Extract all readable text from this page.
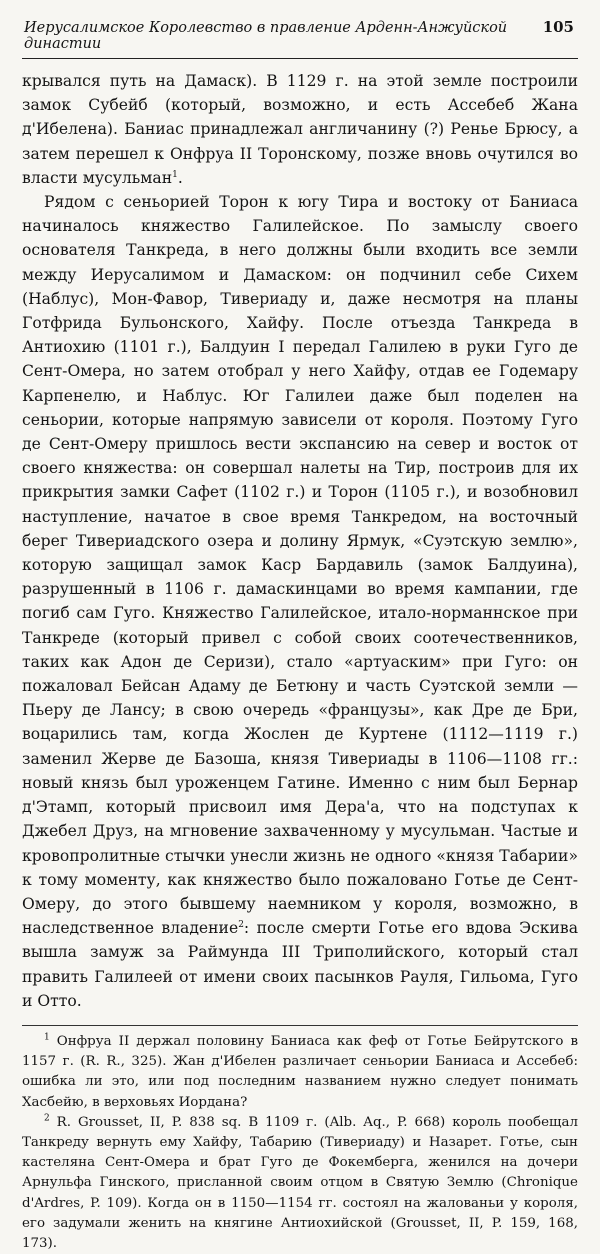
Иерусалимское Королевство в правление Арденн-Анжуйской династии
105

крывался путь на Дамаск). В 1129 г. на этой земле построили замок Субейб (который, возможно, и есть Ассебеб Жана д'Ибелена). Баниас принадлежал англичанину (?) Ренье Брюсу, а затем перешел к Онфруа II Торонскому, позже вновь очутился во власти мусульман$^1$.

Рядом с сеньорией Торон к югу Тира и востоку от Баниаса начиналось княжество Галилейское. По замыслу своего основателя Танкреда, в него должны были входить все земли между Иерусалимом и Дамаском: он подчинил себе Сихем (Наблус), Мон-Фавор, Тивериаду и, даже несмотря на планы Готфрида Бульонского, Хайфу. После отъезда Танкреда в Антиохию (1101 г.), Балдуин I передал Галилею в руки Гуго де Сент-Омера, но затем отобрал у него Хайфу, отдав ее Годемару Карпенелю, и Наблус. Юг Галилеи даже был поделен на сеньории, которые напрямую зависели от короля. Поэтому Гуго де Сент-Омеру пришлось вести экспансию на север и восток от своего княжества: он совершал налеты на Тир, построив для их прикрытия замки Сафет (1102 г.) и Торон (1105 г.), и возобновил наступление, начатое в свое время Танкредом, на восточный берег Тивериадского озера и долину Ярмук, «Суэтскую землю», которую защищал замок Каср Бардавиль (замок Балдуина), разрушенный в 1106 г. дамаскинцами во время кампании, где погиб сам Гуго. Княжество Галилейское, итало-норманнское при Танкреде (который привел с собой своих соотечественников, таких как Адон де Серизи), стало «артуаским» при Гуго: он пожаловал Бейсан Адаму де Бетюну и часть Суэтской земли — Пьеру де Лансу; в свою очередь «французы», как Дре де Бри, воцарились там, когда Жослен де Куртене (1112—1119 г.) заменил Жерве де Базоша, князя Тивериады в 1106—1108 гг.: новый князь был уроженцем Гатине. Именно с ним был Бернар д'Этамп, который присвоил имя Дера'а, что на подступах к Джебел Друз, на мгновение захваченному у мусульман. Частые и кровопролитные стычки унесли жизнь не одного «князя Табарии» к тому моменту, как княжество было пожаловано Готье де Сент-Омеру, до этого бывшему наемником у короля, возможно, в наследственное владение$^2$: после смерти Готье его вдова Эскива вышла замуж за Раймунда III Триполийского, который стал править Галилеей от имени своих пасынков Рауля, Гильома, Гуго и Отто.

$^1$ Онфруа II держал половину Баниаса как феф от Готье Бейрутского в 1157 г. (R. R., 325). Жан д'Ибелен различает сеньории Баниаса и Ассебеб: ошибка ли это, или под последним названием нужно следует понимать Хасбейю, в верховьях Иордана?

$^2$ R. Grousset, II, P. 838 sq. В 1109 г. (Alb. Aq., P. 668) король пообещал Танкреду вернуть ему Хайфу, Табарию (Тивериаду) и Назарет. Готье, сын кастеляна Сент-Омера и брат Гуго де Фокемберга, женился на дочери Арнульфа Гинского, присланной своим отцом в Святую Землю (Chronique d'Ardres, P. 109). Когда он в 1150—1154 гг. состоял на жалованьи у короля, его задумали женить на княгине Антиохийской (Grousset, II, P. 159, 168, 173).
